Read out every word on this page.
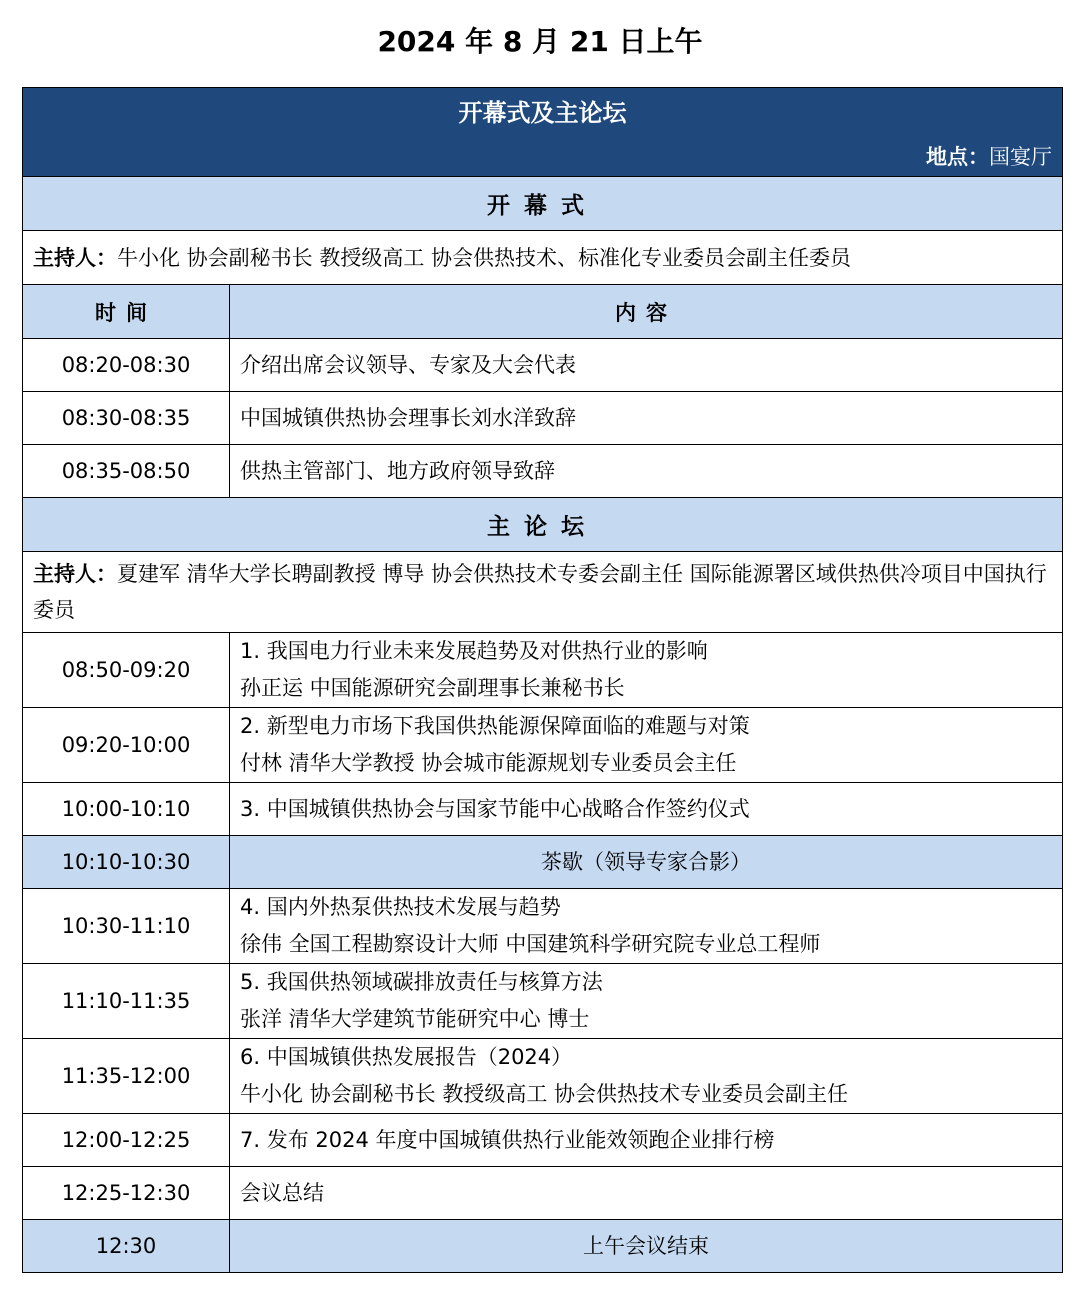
2024 年 8 月 21 日上午
开幕式及主论坛
地点：国宴厅	

开幕式	
主持人：牛小化 协会副秘书长 教授级高工 协会供热技术、标准化专业委员会副主任委员	
时间	内容
08:20-08:30	介绍出席会议领导、专家及大会代表
08:30-08:35	中国城镇供热协会理事长刘水洋致辞
08:35-08:50	供热主管部门、地方政府领导致辞
主论坛	
主持人：夏建军 清华大学长聘副教授 博导 协会供热技术专委会副主任 国际能源署区域供热供冷项目中国执行委员	
08:50-09:20	1. 我国电力行业未来发展趋势及对供热行业的影响
孙正运 中国能源研究会副理事长兼秘书长

09:20-10:00	2. 新型电力市场下我国供热能源保障面临的难题与对策
付林 清华大学教授 协会城市能源规划专业委员会主任

10:00-10:10	3. 中国城镇供热协会与国家节能中心战略合作签约仪式

10:10-10:30	茶歇（领导专家合影）

10:30-11:10	4. 国内外热泵供热技术发展与趋势
徐伟 全国工程勘察设计大师 中国建筑科学研究院专业总工程师

11:10-11:35	5. 我国供热领域碳排放责任与核算方法
张洋 清华大学建筑节能研究中心 博士

11:35-12:00	6. 中国城镇供热发展报告（2024）
牛小化 协会副秘书长 教授级高工 协会供热技术专业委员会副主任

12:00-12:25	7. 发布 2024 年度中国城镇供热行业能效领跑企业排行榜

12:25-12:30	会议总结

12:30	上午会议结束
